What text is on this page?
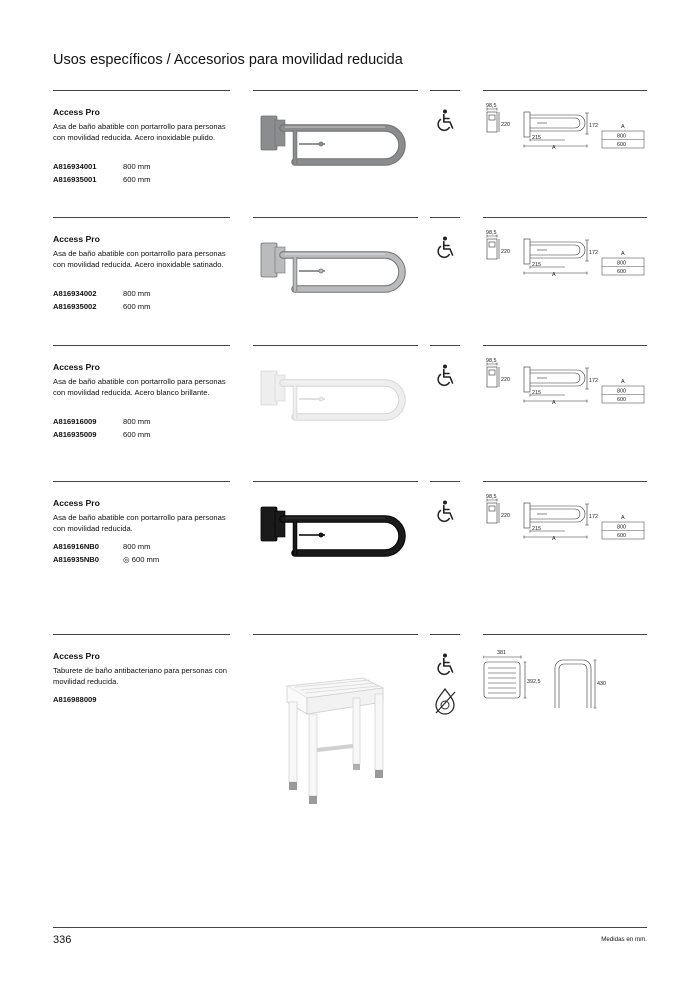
Usos específicos / Accesorios para movilidad reducida
Access Pro
Asa de baño abatible con portarrollo para personas con movilidad reducida. Acero inoxidable pulido.
A816934001	800 mm
A816935001	600 mm
98,5
220	172
215
A
A
800
600
Access Pro
Asa de baño abatible con portarrollo para personas con movilidad reducida. Acero inoxidable satinado.
A816934002	800 mm
A816935002	600 mm
98,5
220	172
215
A
A
800
600
Access Pro
Asa de baño abatible con portarrollo para personas con movilidad reducida. Acero blanco brillante.
A816916009	800 mm
A816935009	600 mm
98,5
220	172
215
A
A
800
600
Access Pro
Asa de baño abatible con portarrollo para personas con movilidad reducida.
A816916NB0	800 mm
A816935NB0	◎ 600 mm
98,5
220	172
215
A
A
800
600
Access Pro
Taburete de baño antibacteriano para personas con movilidad reducida.
A816988009
381
392,5	430
336	Medidas en mm.
